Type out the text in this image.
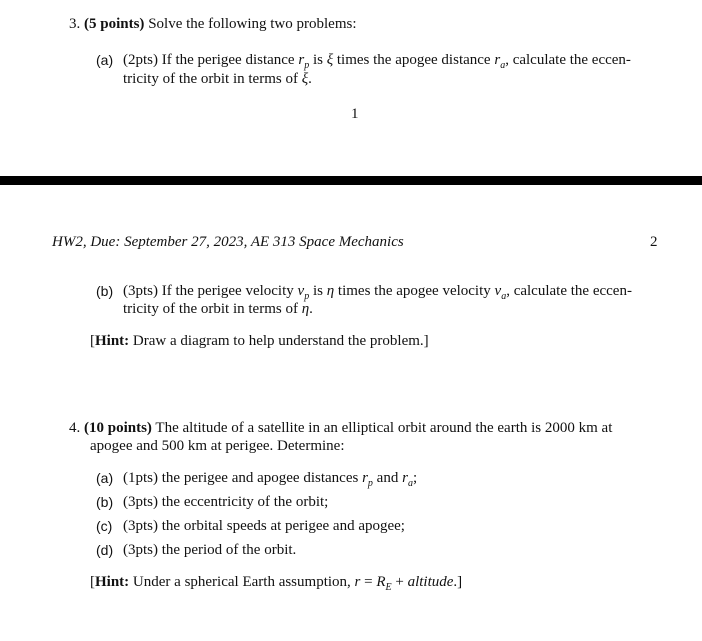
3. (5 points) Solve the following two problems:
(a) (2pts) If the perigee distance $r_p$ is ξ times the apogee distance $r_a$, calculate the eccen-
tricity of the orbit in terms of ξ.
1
HW2, Due: September 27, 2023, AE 313 Space Mechanics	2
(b) (3pts) If the perigee velocity $v_p$ is η times the apogee velocity $v_a$, calculate the eccen-
tricity of the orbit in terms of η.
[Hint: Draw a diagram to help understand the problem.]
4. (10 points) The altitude of a satellite in an elliptical orbit around the earth is 2000 km at
apogee and 500 km at perigee. Determine:
(a) (1pts) the perigee and apogee distances $r_p$ and $r_a$;
(b) (3pts) the eccentricity of the orbit;
(c) (3pts) the orbital speeds at perigee and apogee;
(d) (3pts) the period of the orbit.
[Hint: Under a spherical Earth assumption, $r = R_E$ + altitude.]
